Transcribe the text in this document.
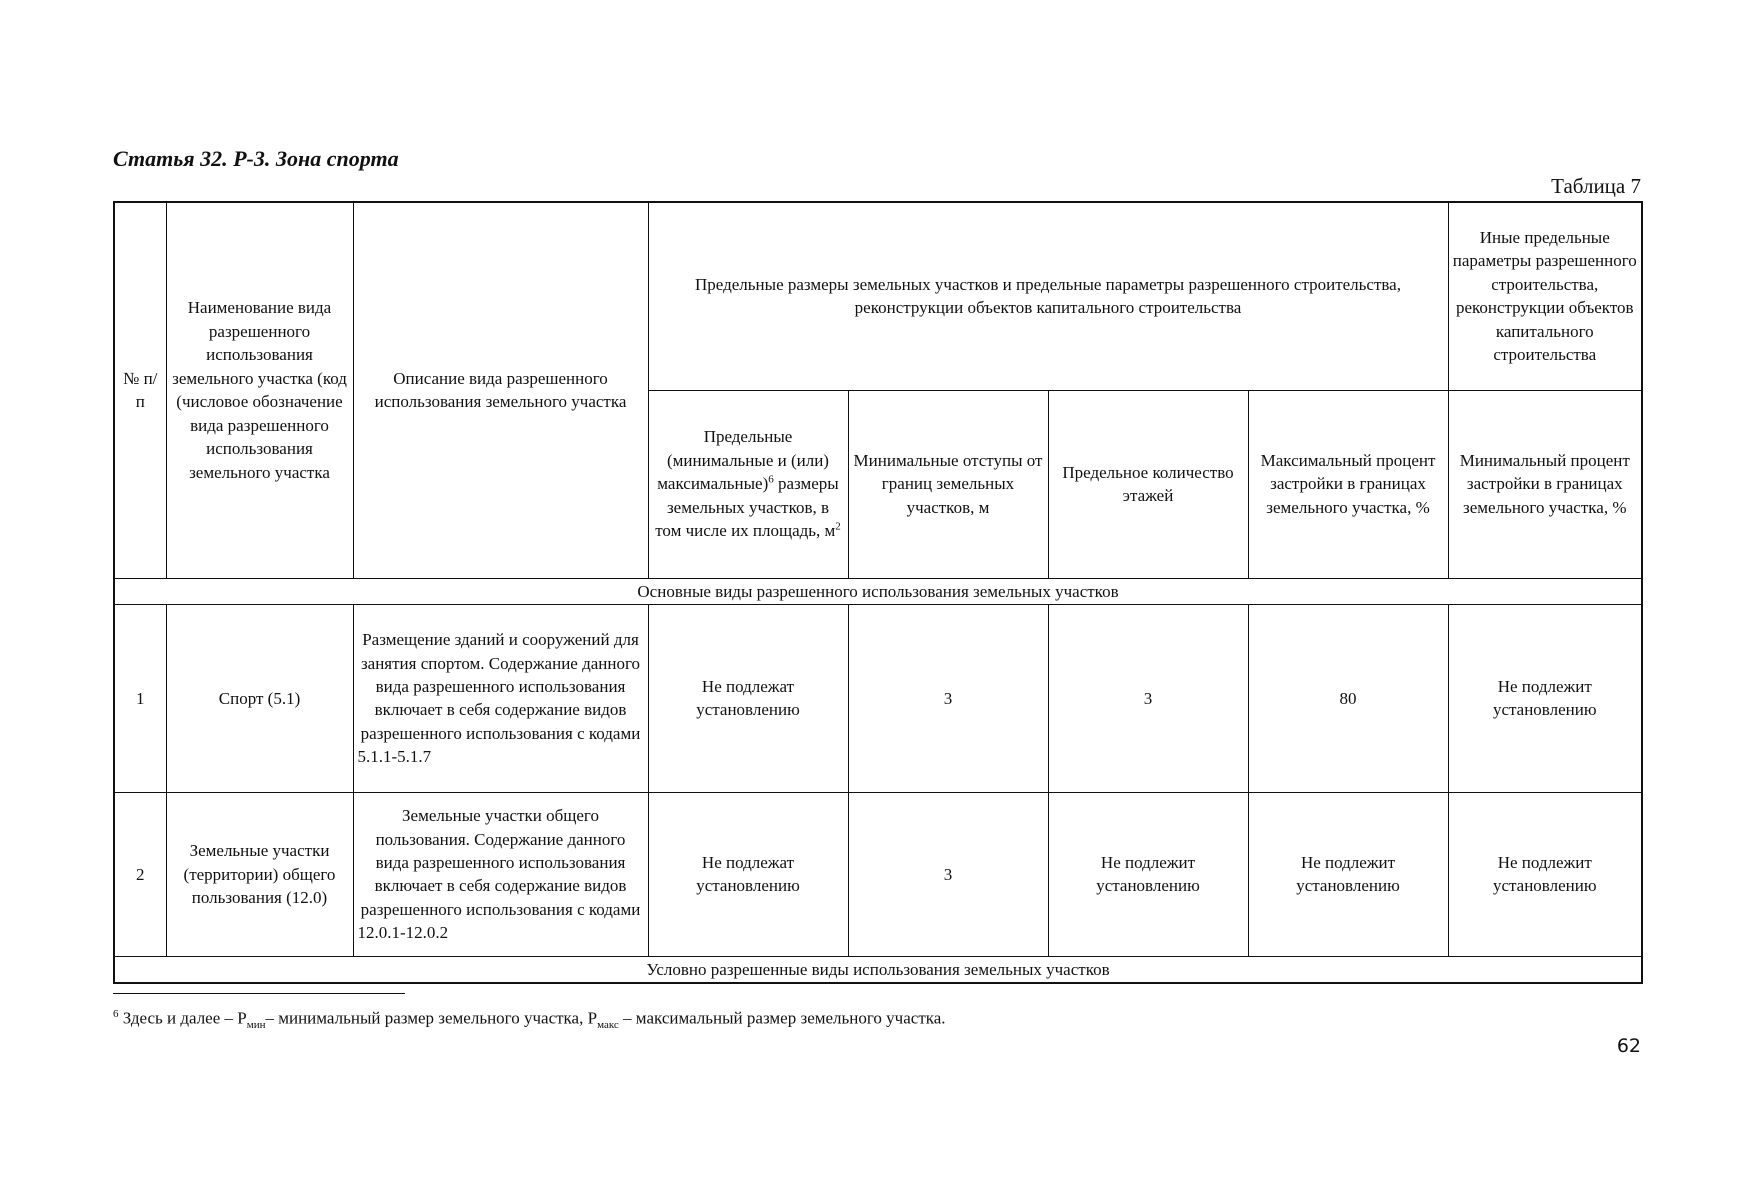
Статья 32. Р-3. Зона спорта
Таблица 7
№ п/п	Наименование вида разрешенного использования земельного участка (код (числовое обозначение вида разрешенного использования земельного участка	Описание вида разрешенного использования земельного участка	Предельные размеры земельных участков и предельные параметры разрешенного строительства, реконструкции объектов капитального строительства				Иные предельные параметры разрешенного строительства, реконструкции объектов капитального строительства
			Предельные (минимальные и (или) максимальные)$^6$ размеры земельных участков, в том числе их площадь, $м^2$	Минимальные отступы от границ земельных участков, м	Предельное количество этажей	Максимальный процент застройки в границах земельного участка, %	Минимальный процент застройки в границах земельного участка, %
Основные виды разрешенного использования земельных участков							
1	Спорт (5.1)	Размещение зданий и сооружений для занятия спортом. Содержание данного вида разрешенного использования включает в себя содержание видов разрешенного использования с кодами 5.1.1-5.1.7	Не подлежат установлению	3	3	80	Не подлежит установлению
2	Земельные участки (территории) общего пользования (12.0)	Земельные участки общего пользования. Содержание данного вида разрешенного использования включает в себя содержание видов разрешенного использования с кодами 12.0.1-12.0.2	Не подлежат установлению	3	Не подлежит установлению	Не подлежит установлению	Не подлежит установлению
Условно разрешенные виды использования земельных участков							
$^6$ Здесь и далее – $Р_{мин}-$ минимальный размер земельного участка, $Р_{макс}$ – максимальный размер земельного участка.
62
